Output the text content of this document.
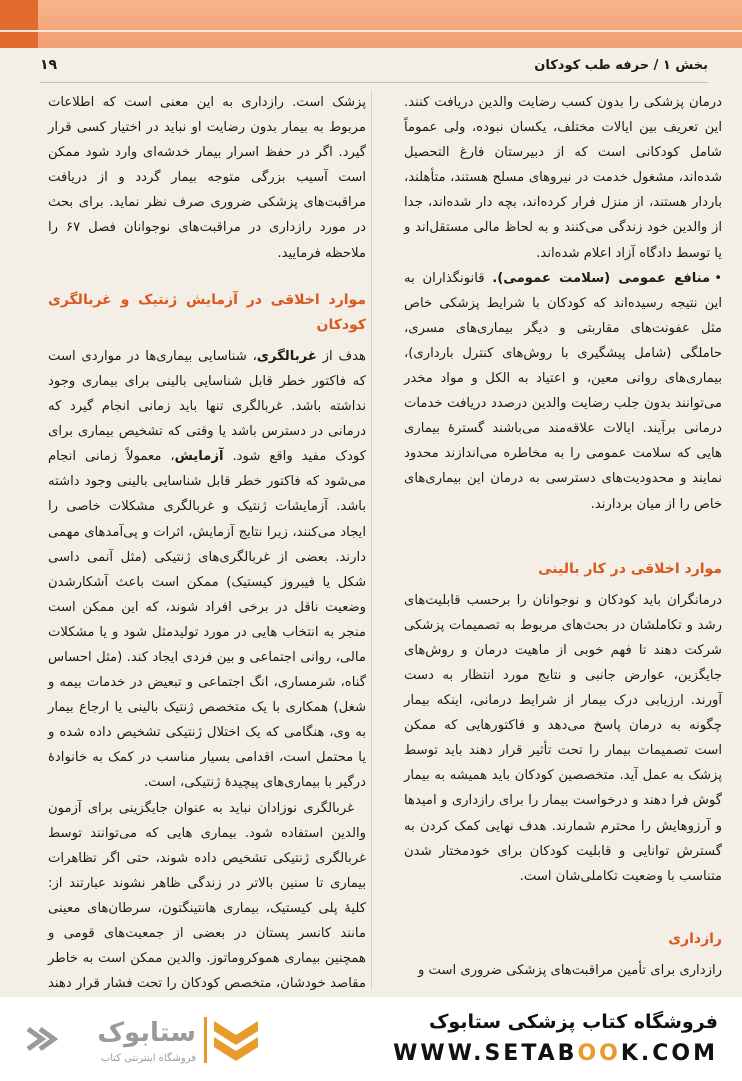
۱۹	بخش ۱ / حرفه طب کودکان

درمان پزشکی را بدون کسب رضایت والدین دریافت کنند. این تعریف بین ایالات مختلف، یکسان نبوده، ولی عموماً شامل کودکانی است که از دبیرستان فارغ التحصیل شده‌اند، مشغول خدمت در نیروهای مسلح هستند، متأهلند، باردار هستند، از منزل فرار کرده‌اند، بچه دار شده‌اند، جدا از والدین خود زندگی می‌کنند و به لحاظ مالی مستقل‌اند و یا توسط دادگاه آزاد اعلام شده‌اند.

• منافع عمومی (سلامت عمومی). قانونگذاران به این نتیجه رسیده‌اند که کودکان با شرایط پزشکی خاص مثل عفونت‌های مقاربتی و دیگر بیماری‌های مسری، حاملگی (شامل پیشگیری با روش‌های کنترل بارداری)، بیماری‌های روانی معین، و اعتیاد به الکل و مواد مخدر می‌توانند بدون جلب رضایت والدین درصدد دریافت خدمات درمانی برآیند. ایالات علاقه‌مند می‌باشند گسترهٔ بیماری هایی که سلامت عمومی را به مخاطره می‌اندازند محدود نمایند و محدودیت‌های دسترسی به درمان این بیماری‌های خاص را از میان بردارند.

موارد اخلاقی در کار بالینی

درمانگران باید کودکان و نوجوانان را برحسب قابلیت‌های رشد و تکاملشان در بحث‌های مربوط به تصمیمات پزشکی شرکت دهند تا فهم خوبی از ماهیت درمان و روش‌های جایگزین، عوارض جانبی و نتایج مورد انتظار به دست آورند. ارزیابی درک بیمار از شرایط درمانی، اینکه بیمار چگونه به درمان پاسخ می‌دهد و فاکتورهایی که ممکن است تصمیمات بیمار را تحت تأثیر قرار دهند باید توسط پزشک به عمل آید. متخصصین کودکان باید همیشه به بیمار گوش فرا دهند و درخواست بیمار را برای رازداری و امیدها و آرزوهایش را محترم شمارند. هدف نهایی کمک کردن به گسترش توانایی و قابلیت کودکان برای خودمختار شدن متناسب با وضعیت تکاملی‌شان است.

رازداری

رازداری برای تأمین مراقبت‌های پزشکی ضروری است و

پزشک است. رازداری به این معنی است که اطلاعات مربوط به بیمار بدون رضایت او نباید در اختیار کسی قرار گیرد. اگر در حفظ اسرار بیمار خدشه‌ای وارد شود ممکن است آسیب بزرگی متوجه بیمار گردد و از دریافت مراقبت‌های پزشکی ضروری صرف نظر نماید. برای بحث در مورد رازداری در مراقبت‌های نوجوانان فصل ۶۷ را ملاحظه فرمایید.

موارد اخلاقی در آزمایش ژنتیک و غربالگری کودکان

هدف از غربالگری، شناسایی بیماری‌ها در مواردی است که فاکتور خطر قابل شناسایی بالینی برای بیماری وجود نداشته باشد. غربالگری تنها باید زمانی انجام گیرد که درمانی در دسترس باشد یا وقتی که تشخیص بیماری برای کودک مفید واقع شود. آزمایش، معمولاً زمانی انجام می‌شود که فاکتور خطر قابل شناسایی بالینی وجود داشته باشد. آزمایشات ژنتیک و غربالگری مشکلات خاصی را ایجاد می‌کنند، زیرا نتایج آزمایش، اثرات و پی‌آمدهای مهمی دارند. بعضی از غربالگری‌های ژنتیکی (مثل آنمی داسی شکل یا فیبروز کیستیک) ممکن است باعث آشکارشدن وضعیت ناقل در برخی افراد شوند، که این ممکن است منجر به انتخاب هایی در مورد تولیدمثل شود و یا مشکلات مالی، روانی اجتماعی و بین فردی ایجاد کند. (مثل احساس گناه، شرمساری، انگ اجتماعی و تبعیض در خدمات بیمه و شغل) همکاری با یک متخصص ژنتیک بالینی یا ارجاع بیمار به وی، هنگامی که یک اختلال ژنتیکی تشخیص داده شده و یا محتمل است، اقدامی بسیار مناسب در کمک به خانوادهٔ درگیر با بیماری‌های پیچیدهٔ ژنتیکی، است.

غربالگری نوزادان نباید به عنوان جایگزینی برای آزمون والدین استفاده شود. بیماری هایی که می‌توانند توسط غربالگری ژنتیکی تشخیص داده شوند، حتی اگر تظاهرات بیماری تا سنین بالاتر در زندگی ظاهر نشوند عبارتند از: کلیهٔ پلی کیستیک، بیماری هانتینگتون، سرطان‌های معینی مانند کانسر پستان در بعضی از جمعیت‌های قومی و همچنین بیماری هموکروماتوز. والدین ممکن است به خاطر مقاصد خودشان، متخصص کودکان را تحت فشار قرار دهند

ستابوک
فروشگاه اینترنتی کتاب
فروشگاه کتاب پزشکی ستابوک
WWW.SETABOOK.COM
